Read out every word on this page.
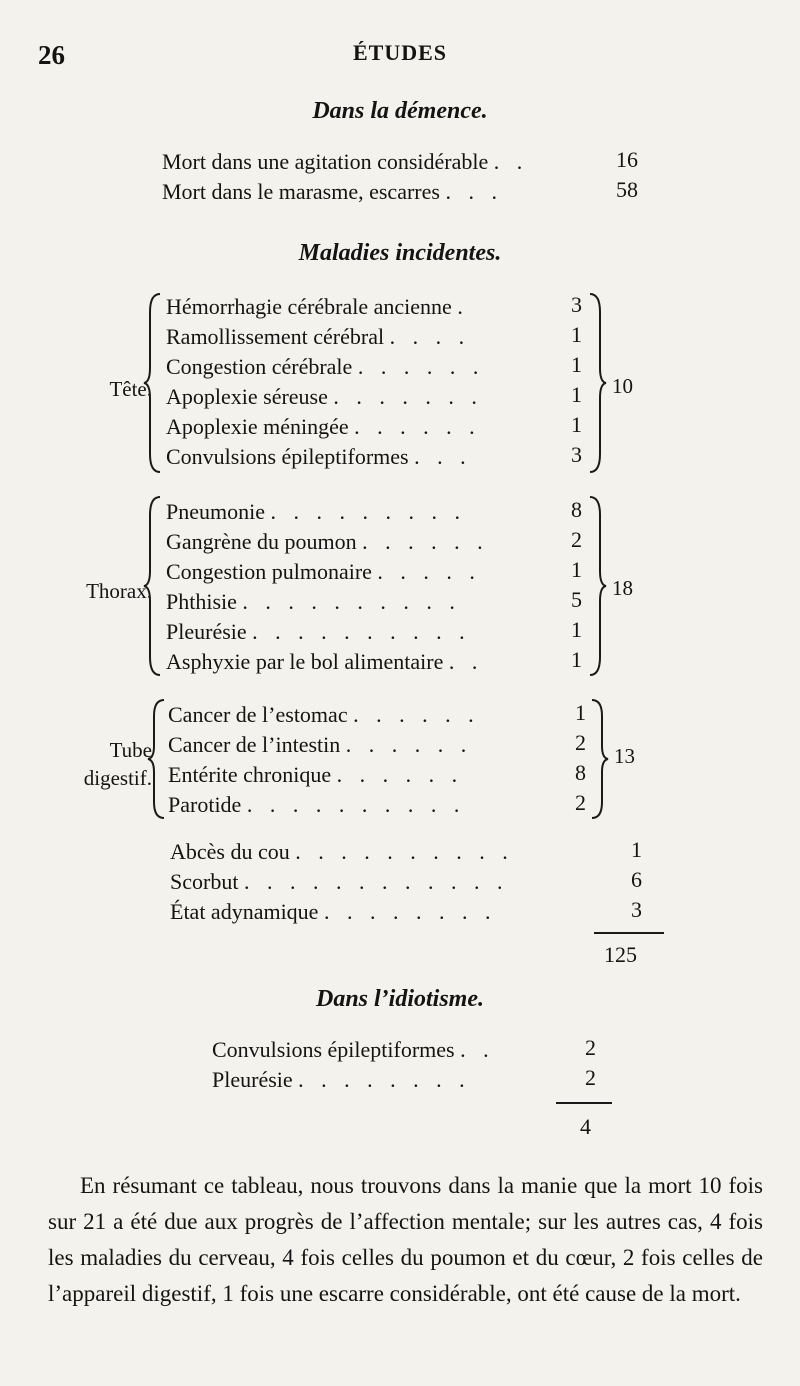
26	ÉTUDES
Dans la démence.
Mort dans une agitation considérable . .	16
Mort dans le marasme, escarres . . .	58
Maladies incidentes.
Tête.
Hémorrhagie cérébrale ancienne .	3
Ramollissement cérébral . . . .	1
Congestion cérébrale . . . . . .	1
Apoplexie séreuse . . . . . . .	1
Apoplexie méningée . . . . . .	1
Convulsions épileptiformes . . .	3
10
Thorax.
Pneumonie . . . . . . . . .	8
Gangrène du poumon . . . . . .	2
Congestion pulmonaire . . . . .	1
Phthisie . . . . . . . . . .	5
Pleurésie . . . . . . . . . .	1
Asphyxie par le bol alimentaire . .	1
18
Tube
digestif.
Cancer de l’estomac . . . . . .	1
Cancer de l’intestin . . . . . .	2
Entérite chronique . . . . . .	8
Parotide . . . . . . . . . .	2
13
Abcès du cou . . . . . . . . . .	1
Scorbut . . . . . . . . . . . .	6
État adynamique . . . . . . . .	3
125
Dans l’idiotisme.
Convulsions épileptiformes . .	2
Pleurésie . . . . . . . .	2
4

En résumant ce tableau, nous trouvons dans la manie que la mort 10 fois sur 21 a été due aux progrès de l’affection mentale; sur les autres cas, 4 fois les maladies du cerveau, 4 fois celles du poumon et du cœur, 2 fois celles de l’appareil digestif, 1 fois une escarre considérable, ont été cause de la mort.
